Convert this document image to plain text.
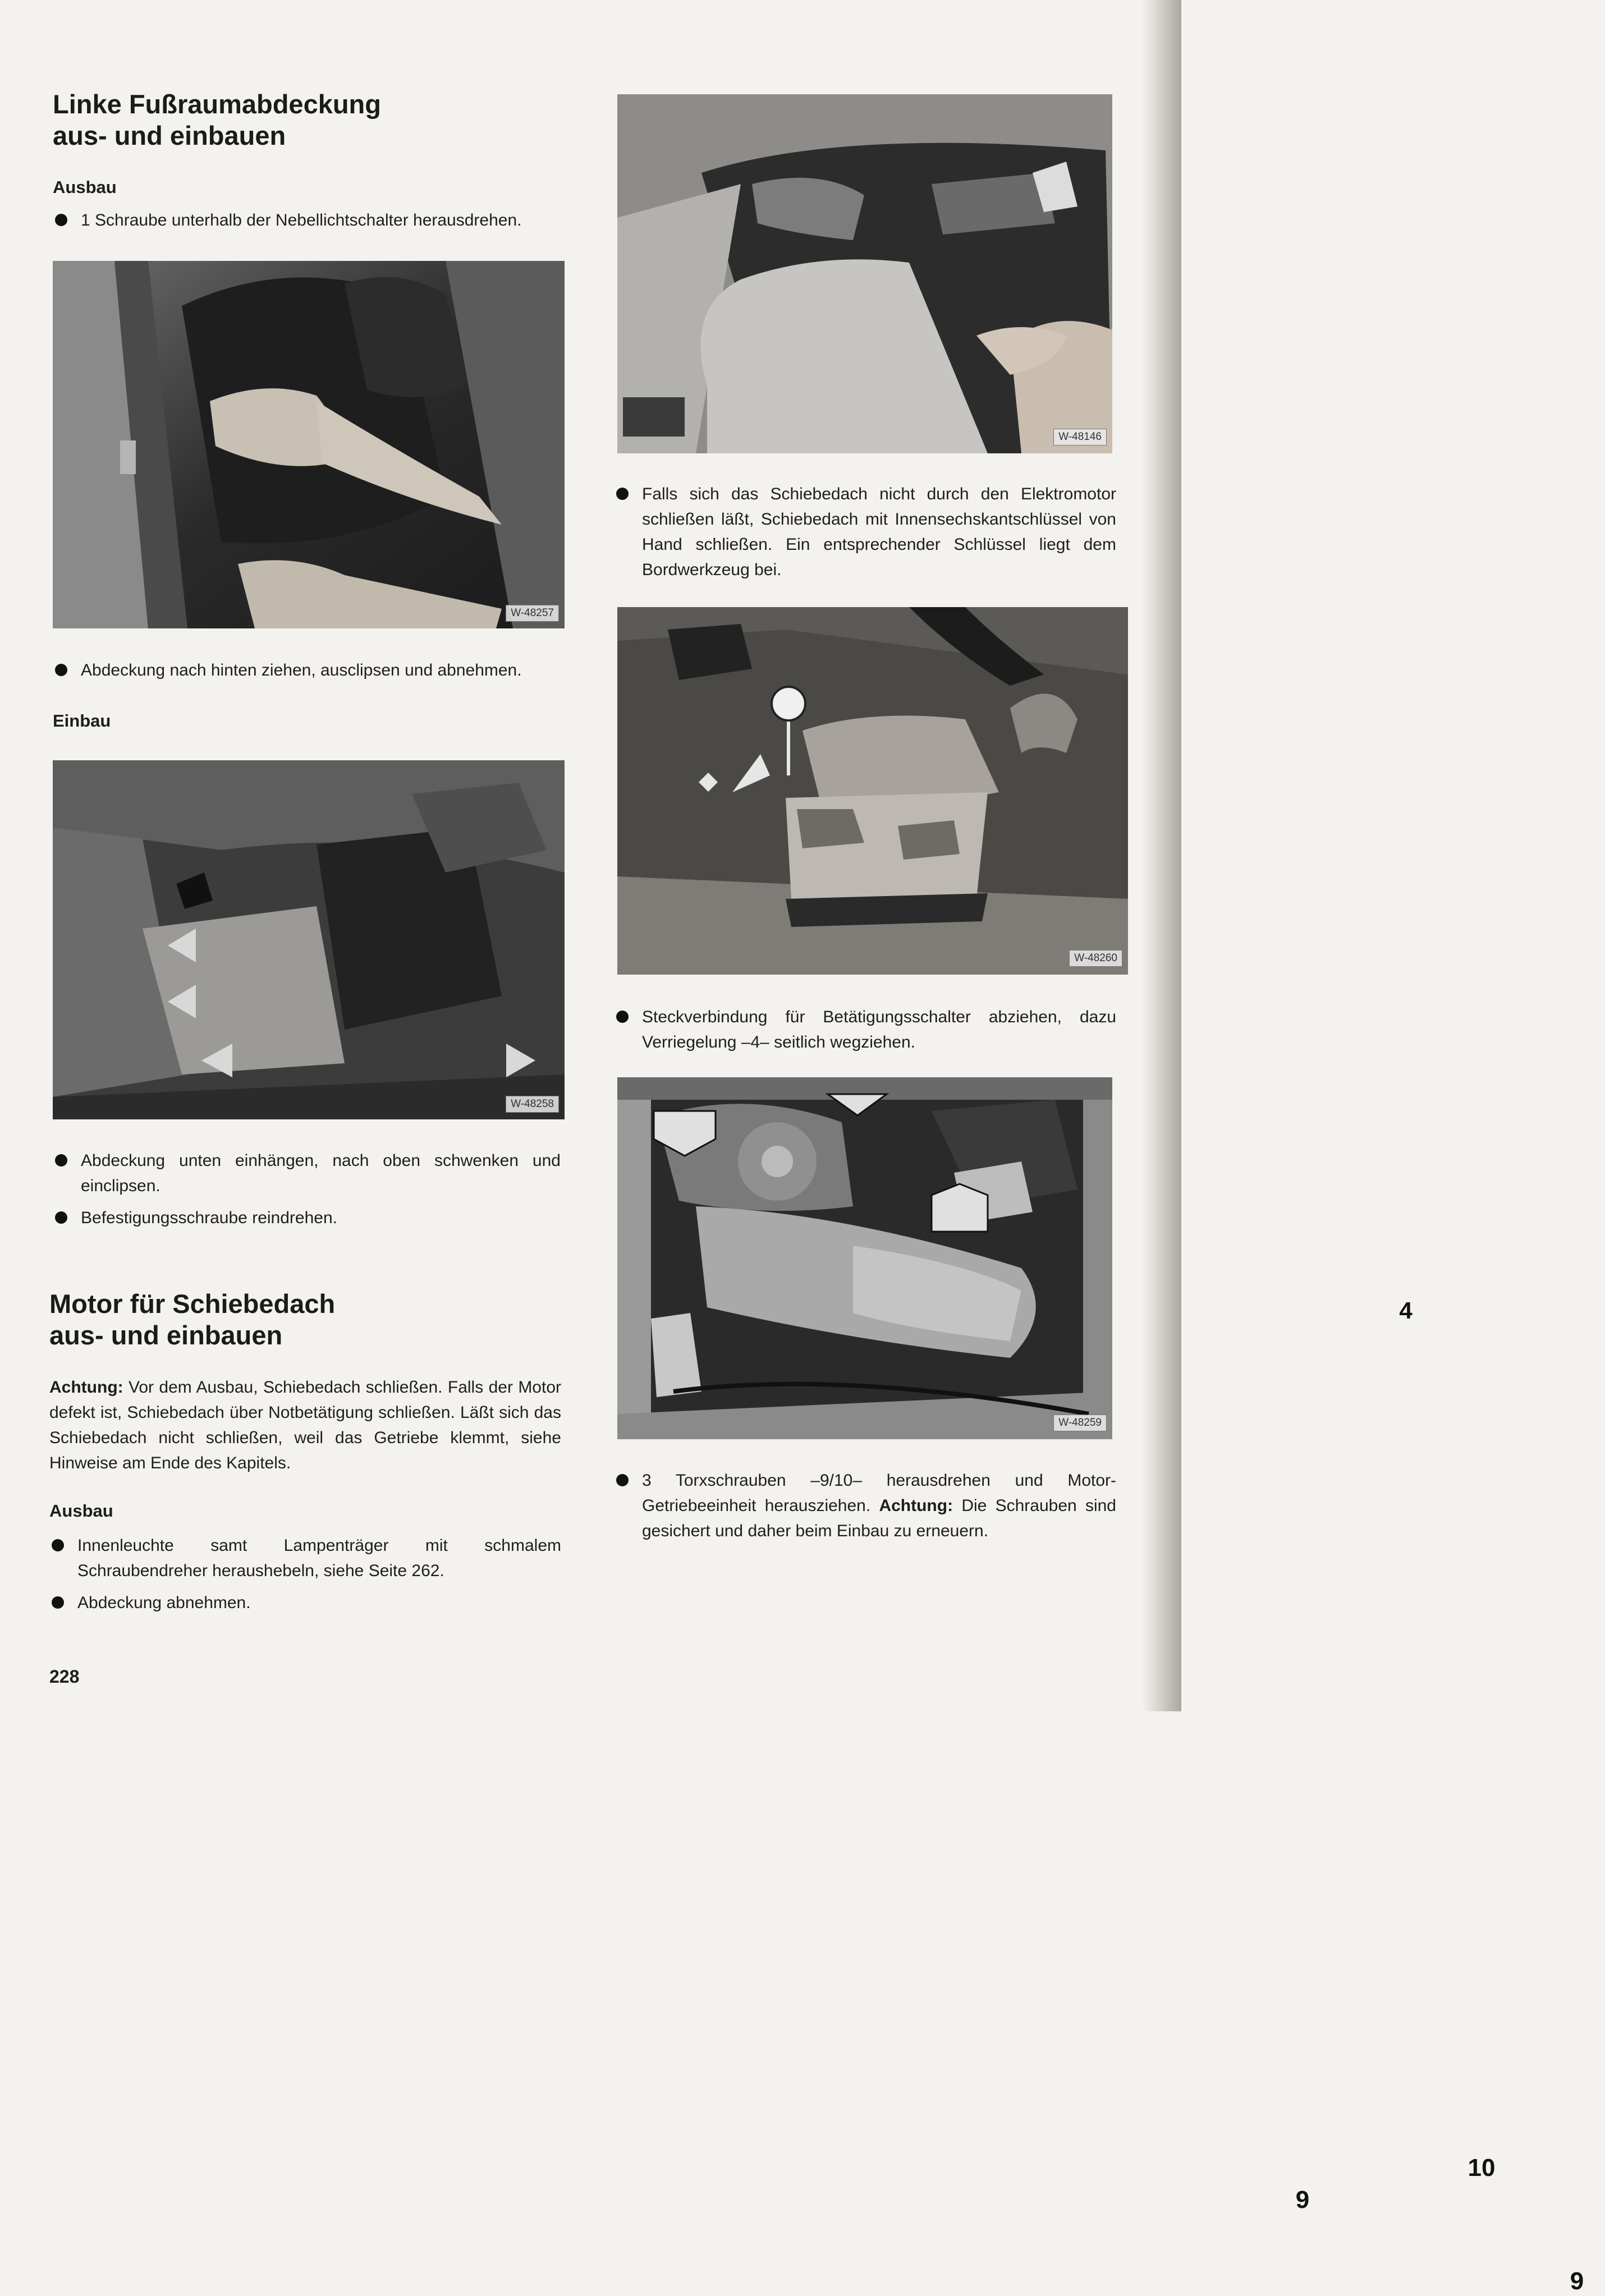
Linke Fußraumabdeckung
aus- und einbauen
Ausbau
1 Schraube unterhalb der Nebellichtschalter herausdrehen.
W-48257
Abdeckung nach hinten ziehen, ausclipsen und abnehmen.
Einbau
W-48258
Abdeckung unten einhängen, nach oben schwenken und einclipsen.
Befestigungsschraube reindrehen.
Motor für Schiebedach
aus- und einbauen

Achtung: Vor dem Ausbau, Schiebedach schließen. Falls der Motor defekt ist, Schiebedach über Notbetätigung schließen. Läßt sich das Schiebedach nicht schließen, weil das Getriebe klemmt, siehe Hinweise am Ende des Kapitels.

Ausbau
Innenleuchte samt Lampenträger mit schmalem Schraubendreher heraushebeln, siehe Seite 262.
Abdeckung abnehmen.
228
W-48146
Falls sich das Schiebedach nicht durch den Elektromotor schließen läßt, Schiebedach mit Innensechskantschlüssel von Hand schließen. Ein entsprechender Schlüssel liegt dem Bordwerkzeug bei.
4
W-48260
Steckverbindung für Betätigungsschalter abziehen, dazu Verriegelung –4– seitlich wegziehen.
9
10
9
W-48259
3 Torxschrauben –9/10– herausdrehen und Motor-Getriebeeinheit herausziehen. Achtung: Die Schrauben sind gesichert und daher beim Einbau zu erneuern.
